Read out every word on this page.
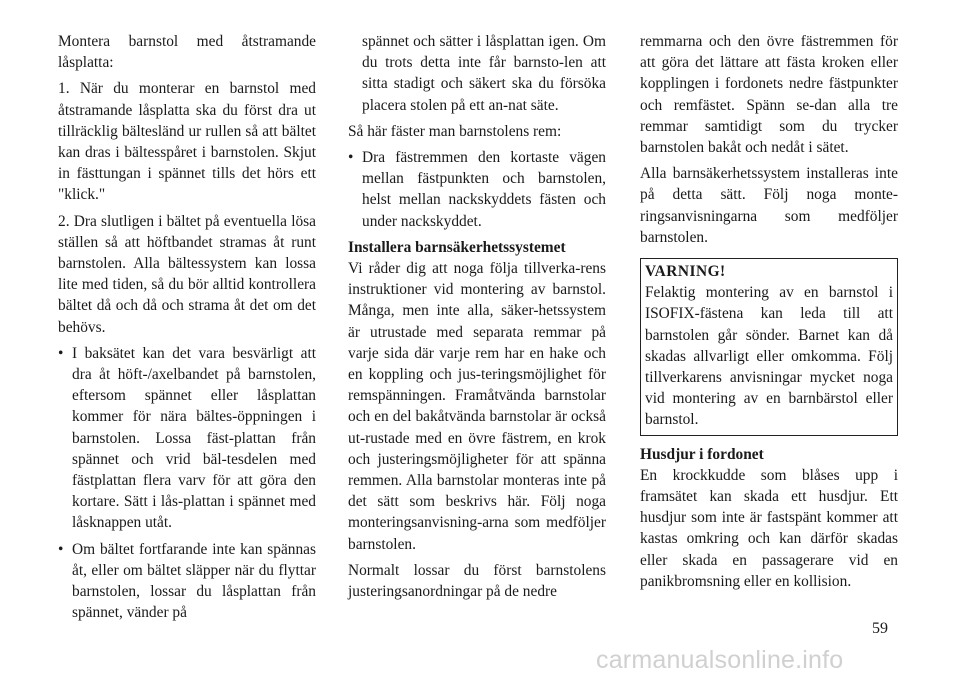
Montera barnstol med åtstramande låsplatta:

1. När du monterar en barnstol med åtstramande låsplatta ska du först dra ut tillräcklig bältesländ ur rullen så att bältet kan dras i bältesspåret i barnstolen. Skjut in fästtungan i spännet tills det hörs ett "klick."

2. Dra slutligen i bältet på eventuella lösa ställen så att höftbandet stramas åt runt barnstolen. Alla bältessystem kan lossa lite med tiden, så du bör alltid kontrollera bältet då och då och strama åt det om det behövs.

• I baksätet kan det vara besvärligt att dra åt höft-/axelbandet på barnstolen, eftersom spännet eller låsplattan kommer för nära bältes-öppningen i barnstolen. Lossa fäst-plattan från spännet och vrid bäl-tesdelen med fästplattan flera varv för att göra den kortare. Sätt i lås-plattan i spännet med låsknappen utåt.
• Om bältet fortfarande inte kan spännas åt, eller om bältet släpper när du flyttar barnstolen, lossar du låsplattan från spännet, vänder på

spännet och sätter i låsplattan igen. Om du trots detta inte får barnsto-len att sitta stadigt och säkert ska du försöka placera stolen på ett an-nat säte.

Så här fäster man barnstolens rem:

• Dra fästremmen den kortaste vägen mellan fästpunkten och barnstolen, helst mellan nackskyddets fästen och under nackskyddet.

Installera barnsäkerhetssystemet

Vi råder dig att noga följa tillverka-rens instruktioner vid montering av barnstol. Många, men inte alla, säker-hetssystem är utrustade med separata remmar på varje sida där varje rem har en hake och en koppling och jus-teringsmöjlighet för remspänningen. Framåtvända barnstolar och en del bakåtvända barnstolar är också ut-rustade med en övre fästrem, en krok och justeringsmöjligheter för att spänna remmen. Alla barnstolar monteras inte på det sätt som beskrivs här. Följ noga monteringsanvisning-arna som medföljer barnstolen.

Normalt lossar du först barnstolens justeringsanordningar på de nedre

remmarna och den övre fästremmen för att göra det lättare att fästa kroken eller kopplingen i fordonets nedre fästpunkter och remfästet. Spänn se-dan alla tre remmar samtidigt som du trycker barnstolen bakåt och nedåt i sätet.

Alla barnsäkerhetssystem installeras inte på detta sätt. Följ noga monte-ringsanvisningarna som medföljer barnstolen.

VARNING!
Felaktig montering av en barnstol i ISOFIX-fästena kan leda till att barnstolen går sönder. Barnet kan då skadas allvarligt eller omkomma. Följ tillverkarens anvisningar mycket noga vid montering av en barnbärstol eller barnstol.

Husdjur i fordonet

En krockkudde som blåses upp i framsätet kan skada ett husdjur. Ett husdjur som inte är fastspänt kommer att kastas omkring och kan därför skadas eller skada en passagerare vid en panikbromsning eller en kollision.

59
carmanualsonline.info
